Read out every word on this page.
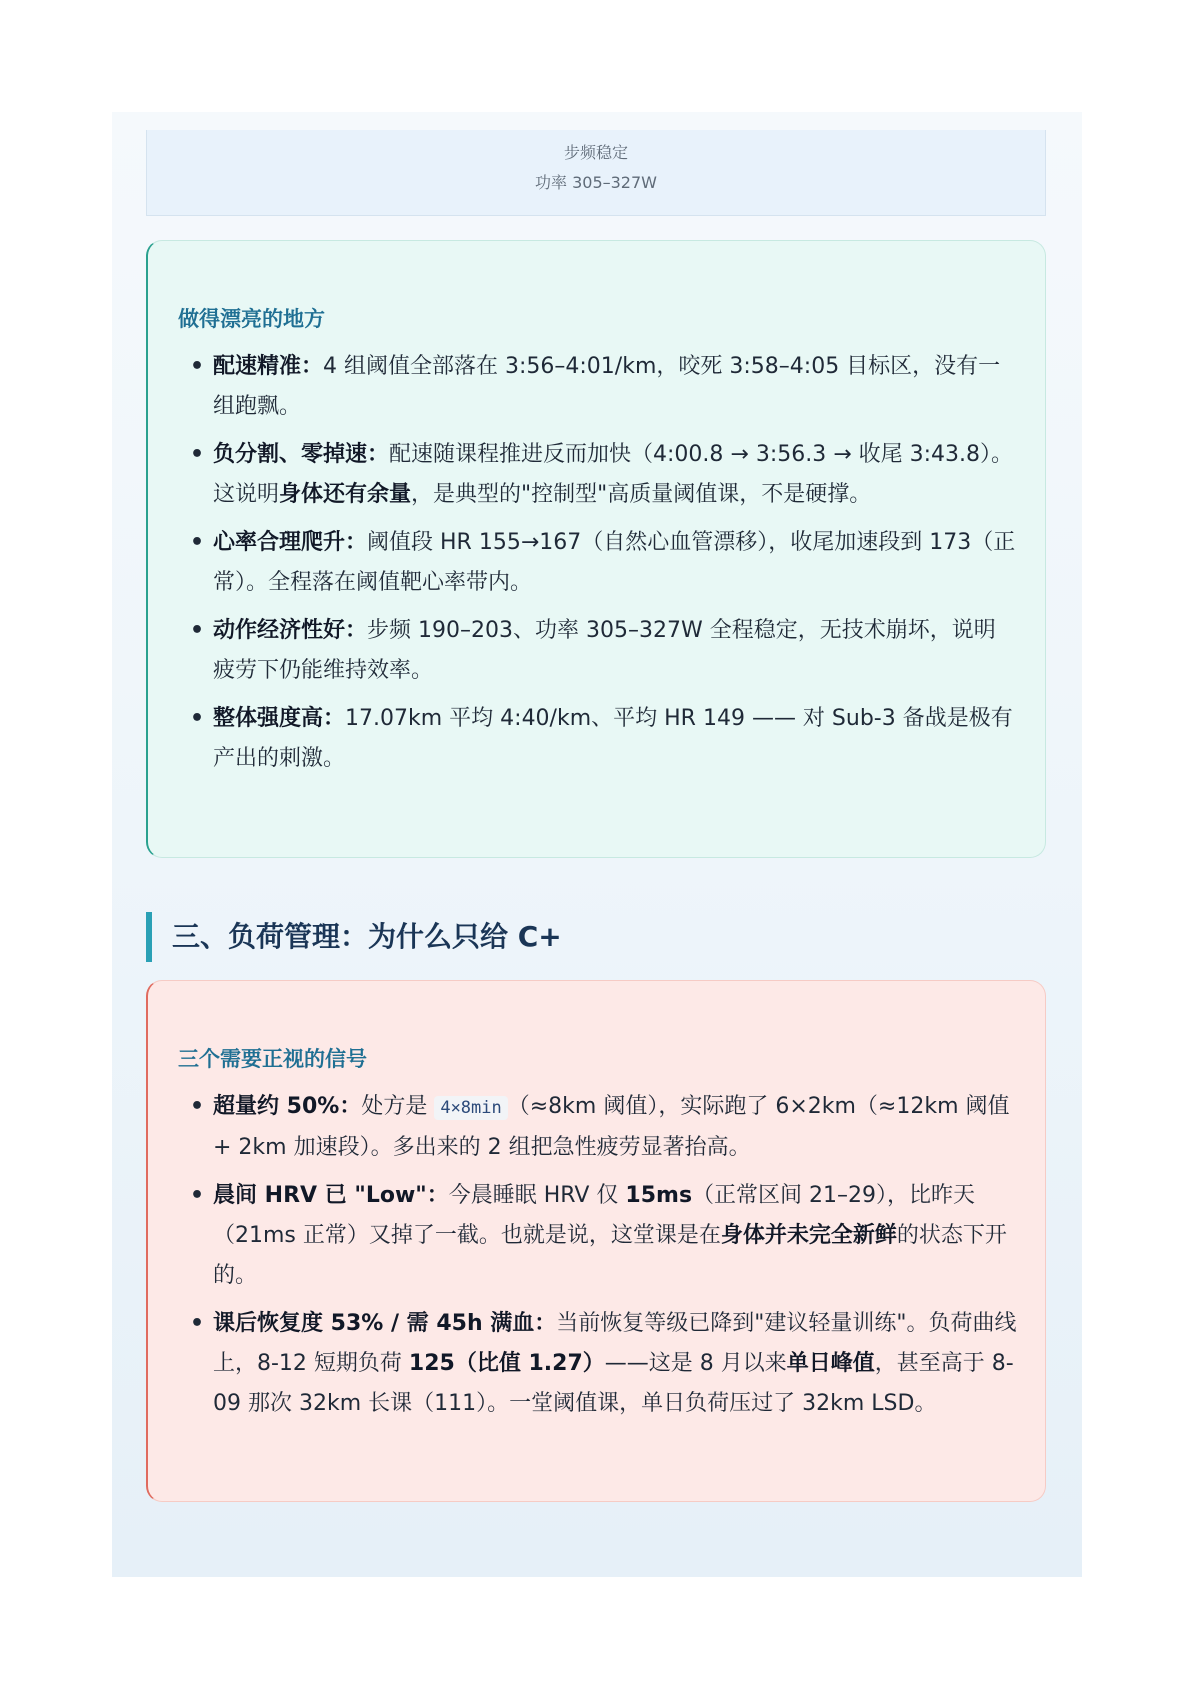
步频稳定
功率 305–327W
做得漂亮的地方
• 配速精准：4 组阈值全部落在 3:56–4:01/km，咬死 3:58–4:05 目标区，没有一组跑飘。
• 负分割、零掉速：配速随课程推进反而加快（4:00.8 → 3:56.3 → 收尾 3:43.8）。这说明身体还有余量，是典型的"控制型"高质量阈值课，不是硬撑。
• 心率合理爬升：阈值段 HR 155→167（自然心血管漂移），收尾加速段到 173（正常）。全程落在阈值靶心率带内。
• 动作经济性好：步频 190–203、功率 305–327W 全程稳定，无技术崩坏，说明疲劳下仍能维持效率。
• 整体强度高：17.07km 平均 4:40/km、平均 HR 149 —— 对 Sub-3 备战是极有产出的刺激。
三、负荷管理：为什么只给 C+
三个需要正视的信号
• 超量约 50%：处方是 4×8min （≈8km 阈值），实际跑了 6×2km（≈12km 阈值 + 2km 加速段）。多出来的 2 组把急性疲劳显著抬高。
• 晨间 HRV 已 "Low"：今晨睡眠 HRV 仅 15ms（正常区间 21–29），比昨天（21ms 正常）又掉了一截。也就是说，这堂课是在身体并未完全新鲜的状态下开的。
• 课后恢复度 53% / 需 45h 满血：当前恢复等级已降到"建议轻量训练"。负荷曲线上，8-12 短期负荷 125（比值 1.27）——这是 8 月以来单日峰值，甚至高于 8-09 那次 32km 长课（111）。一堂阈值课，单日负荷压过了 32km LSD。
